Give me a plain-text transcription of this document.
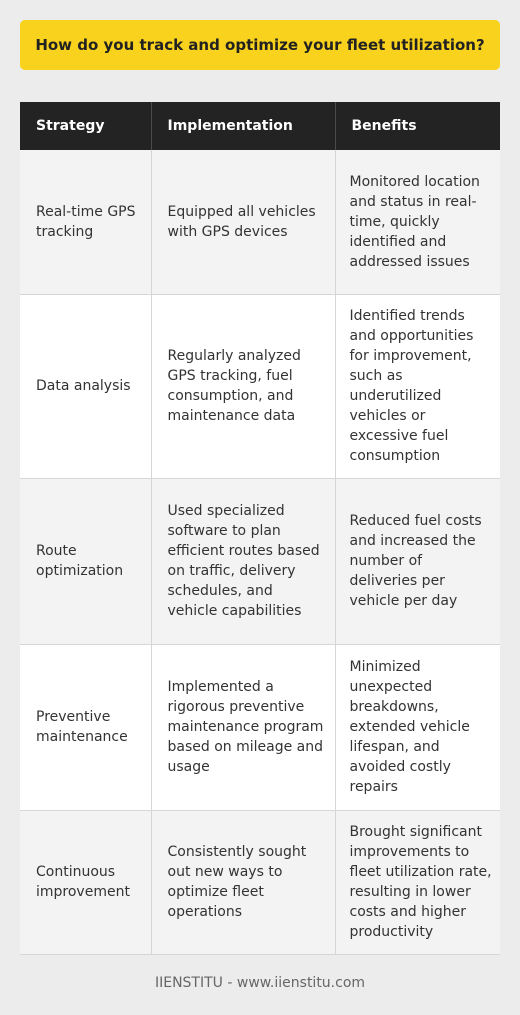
How do you track and optimize your fleet utilization?
Strategy	Implementation	Benefits
Real-time GPS tracking	Equipped all vehicles with GPS devices	Monitored location and status in real-time, quickly identified and addressed issues
Data analysis	Regularly analyzed GPS tracking, fuel consumption, and maintenance data	Identified trends and opportunities for improvement, such as underutilized vehicles or excessive fuel consumption
Route optimization	Used specialized software to plan efficient routes based on traffic, delivery schedules, and vehicle capabilities	Reduced fuel costs and increased the number of deliveries per vehicle per day
Preventive maintenance	Implemented a rigorous preventive maintenance program based on mileage and usage	Minimized unexpected breakdowns, extended vehicle lifespan, and avoided costly repairs
Continuous improvement	Consistently sought out new ways to optimize fleet operations	Brought significant improvements to fleet utilization rate, resulting in lower costs and higher productivity
IIENSTITU - www.iienstitu.com
